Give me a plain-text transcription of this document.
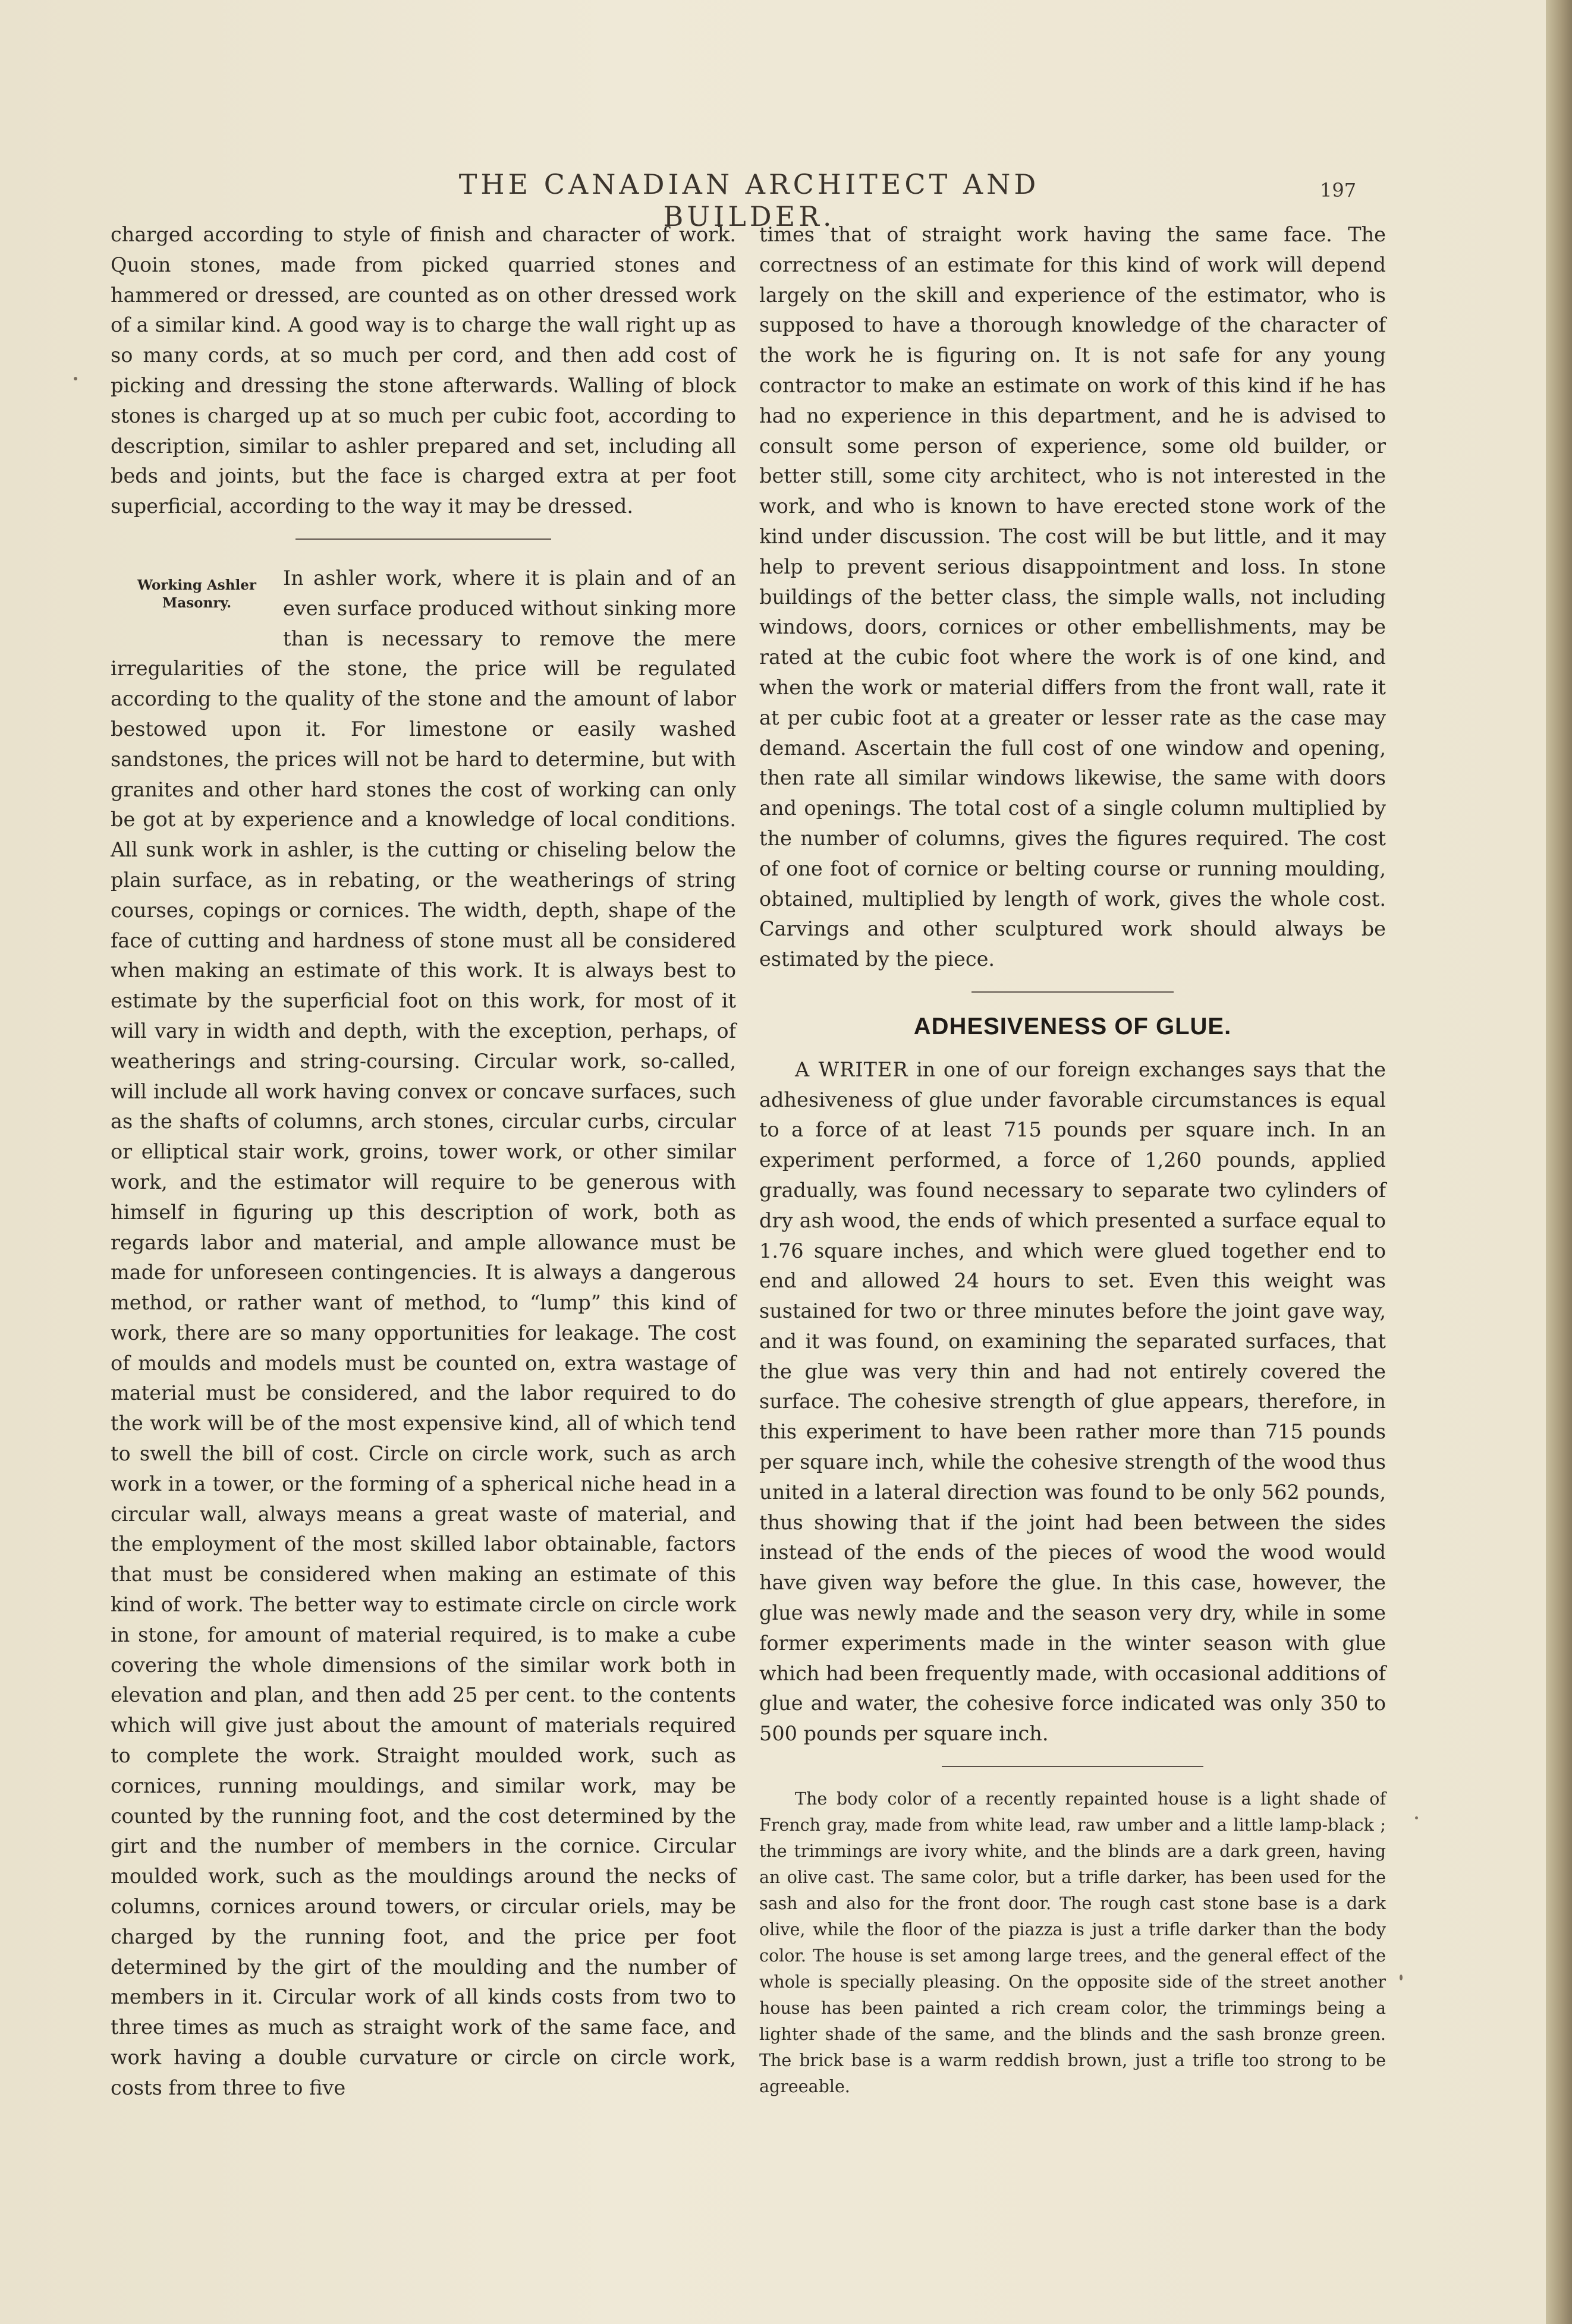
THE CANADIAN ARCHITECT AND BUILDER.
197

charged according to style of finish and character of work. Quoin stones, made from picked quarried stones and hammered or dressed, are counted as on other dressed work of a similar kind. A good way is to charge the wall right up as so many cords, at so much per cord, and then add cost of picking and dressing the stone afterwards. Walling of block stones is charged up at so much per cubic foot, according to description, similar to ashler prepared and set, including all beds and joints, but the face is charged extra at per foot superficial, according to the way it may be dressed.

Working Ashler
Masonry.

In ashler work, where it is plain and of an even surface produced without sinking more than is necessary to remove the mere irregularities of the stone, the price will be regulated according to the quality of the stone and the amount of labor bestowed upon it. For limestone or easily washed sandstones, the prices will not be hard to determine, but with granites and other hard stones the cost of working can only be got at by experience and a knowledge of local conditions. All sunk work in ashler, is the cutting or chiseling below the plain surface, as in rebating, or the weatherings of string courses, copings or cornices. The width, depth, shape of the face of cutting and hardness of stone must all be considered when making an estimate of this work. It is always best to estimate by the superficial foot on this work, for most of it will vary in width and depth, with the exception, perhaps, of weatherings and string-coursing. Circular work, so-called, will include all work having convex or concave surfaces, such as the shafts of columns, arch stones, circular curbs, circular or elliptical stair work, groins, tower work, or other similar work, and the estimator will require to be generous with himself in figuring up this description of work, both as regards labor and material, and ample allowance must be made for unforeseen contingencies. It is always a dangerous method, or rather want of method, to “lump” this kind of work, there are so many opportunities for leakage. The cost of moulds and models must be counted on, extra wastage of material must be considered, and the labor required to do the work will be of the most expensive kind, all of which tend to swell the bill of cost. Circle on circle work, such as arch work in a tower, or the forming of a spherical niche head in a circular wall, always means a great waste of material, and the employment of the most skilled labor obtainable, factors that must be considered when making an estimate of this kind of work. The better way to estimate circle on circle work in stone, for amount of material required, is to make a cube covering the whole dimensions of the similar work both in elevation and plan, and then add 25 per cent. to the contents which will give just about the amount of materials required to complete the work. Straight moulded work, such as cornices, running mouldings, and similar work, may be counted by the running foot, and the cost determined by the girt and the number of members in the cornice. Circular moulded work, such as the mouldings around the necks of columns, cornices around towers, or circular oriels, may be charged by the running foot, and the price per foot determined by the girt of the moulding and the number of members in it. Circular work of all kinds costs from two to three times as much as straight work of the same face, and work having a double curvature or circle on circle work, costs from three to five

times that of straight work having the same face. The correctness of an estimate for this kind of work will depend largely on the skill and experience of the estimator, who is supposed to have a thorough knowledge of the character of the work he is figuring on. It is not safe for any young contractor to make an estimate on work of this kind if he has had no experience in this department, and he is advised to consult some person of experience, some old builder, or better still, some city architect, who is not interested in the work, and who is known to have erected stone work of the kind under discussion. The cost will be but little, and it may help to prevent serious disappointment and loss. In stone buildings of the better class, the simple walls, not including windows, doors, cornices or other embellishments, may be rated at the cubic foot where the work is of one kind, and when the work or material differs from the front wall, rate it at per cubic foot at a greater or lesser rate as the case may demand. Ascertain the full cost of one window and opening, then rate all similar windows likewise, the same with doors and openings. The total cost of a single column multiplied by the number of columns, gives the figures required. The cost of one foot of cornice or belting course or running moulding, obtained, multiplied by length of work, gives the whole cost. Carvings and other sculptured work should always be estimated by the piece.

ADHESIVENESS OF GLUE.

A WRITER in one of our foreign exchanges says that the adhesiveness of glue under favorable circumstances is equal to a force of at least 715 pounds per square inch. In an experiment performed, a force of 1,260 pounds, applied gradually, was found necessary to separate two cylinders of dry ash wood, the ends of which presented a surface equal to 1.76 square inches, and which were glued together end to end and allowed 24 hours to set. Even this weight was sustained for two or three minutes before the joint gave way, and it was found, on examining the separated surfaces, that the glue was very thin and had not entirely covered the surface. The cohesive strength of glue appears, therefore, in this experiment to have been rather more than 715 pounds per square inch, while the cohesive strength of the wood thus united in a lateral direction was found to be only 562 pounds, thus showing that if the joint had been between the sides instead of the ends of the pieces of wood the wood would have given way before the glue. In this case, however, the glue was newly made and the season very dry, while in some former experiments made in the winter season with glue which had been frequently made, with occasional additions of glue and water, the cohesive force indicated was only 350 to 500 pounds per square inch.

The body color of a recently repainted house is a light shade of French gray, made from white lead, raw umber and a little lamp-black ; the trimmings are ivory white, and the blinds are a dark green, having an olive cast. The same color, but a trifle darker, has been used for the sash and also for the front door. The rough cast stone base is a dark olive, while the floor of the piazza is just a trifle darker than the body color. The house is set among large trees, and the general effect of the whole is specially pleasing. On the opposite side of the street another house has been painted a rich cream color, the trimmings being a lighter shade of the same, and the blinds and the sash bronze green. The brick base is a warm reddish brown, just a trifle too strong to be agreeable.
